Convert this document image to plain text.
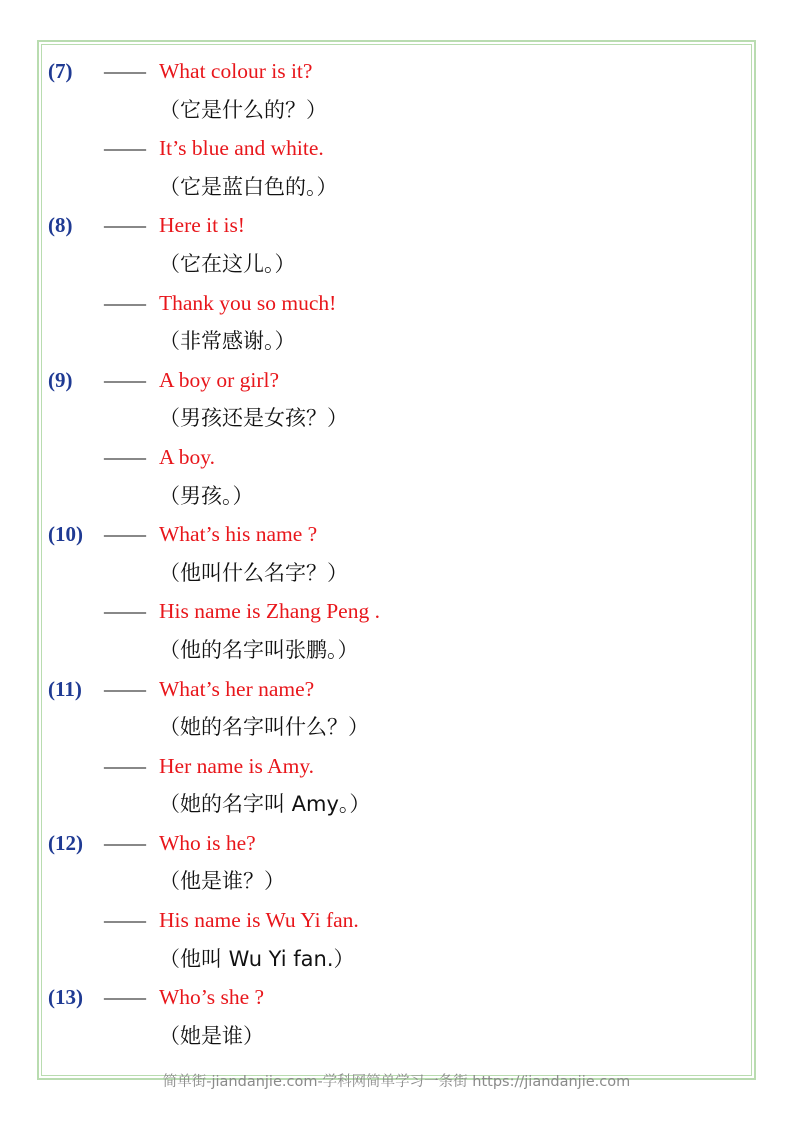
(7) —— What colour is it?
（它是什么的？）
—— It’s blue and white.
（它是蓝白色的。）
(8) —— Here it is!
（它在这儿。）
—— Thank you so much!
（非常感谢。）
(9) —— A boy or girl?
（男孩还是女孩？）
—— A boy.
（男孩。）
(10) —— What’s his name ?
（他叫什么名字？）
—— His name is Zhang Peng .
（他的名字叫张鹏。）
(11) —— What’s her name?
（她的名字叫什么？）
—— Her name is Amy.
（她的名字叫 Amy。）
(12) —— Who is he?
（他是谁？）
—— His name is Wu Yi fan.
（他叫 Wu Yi fan.）
(13) —— Who’s she ?
（她是谁）
简单街-jiandanjie.com-学科网简单学习一条街 https://jiandanjie.com
